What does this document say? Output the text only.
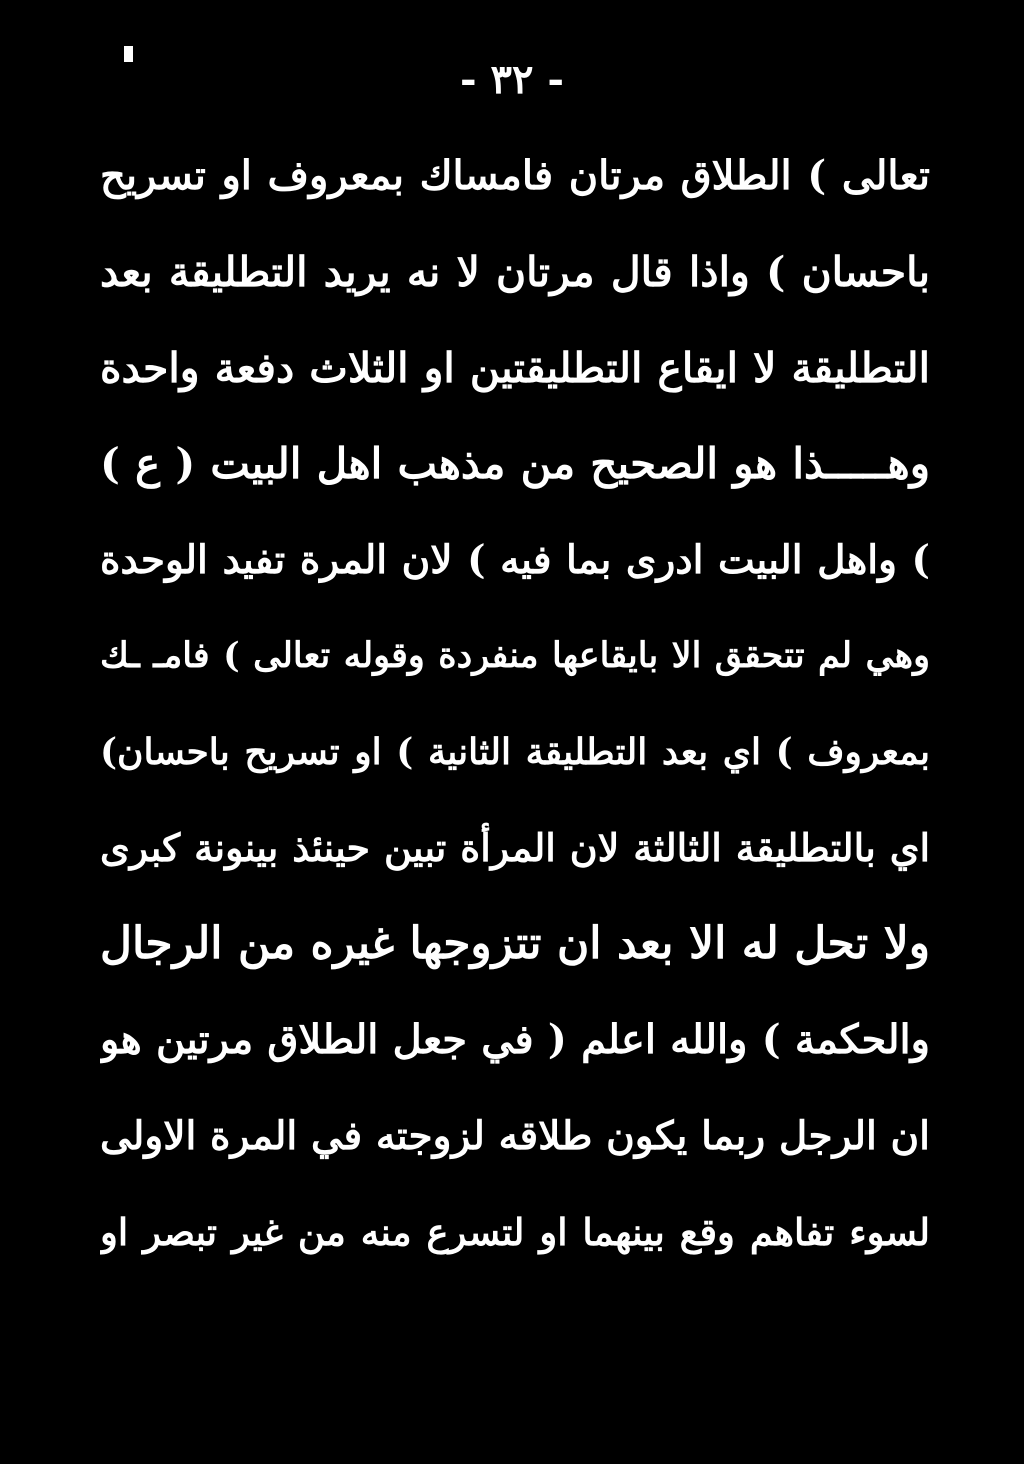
- ٣٢ -
تعالى ) الطلاق مرتان فامساك بمعروف او تسريح
باحسان ) واذا قال مرتان لا نه يريد التطليقة بعد
التطليقة لا ايقاع التطليقتين او الثلاث دفعة واحدة
وهـــــذا هو الصحيح من مذهب اهل البيت ( ع )
) واهل البيت ادرى بما فيه ) لان المرة تفيد الوحدة
وهي لم تتحقق الا بايقاعها منفردة وقوله تعالى ) فامـ ـك
بمعروف ) اي بعد التطليقة الثانية ) او تسريح باحسان)
اي بالتطليقة الثالثة لان المرأة تبين حينئذ بينونة كبرى
ولا تحل له الا بعد ان تتزوجها غيره من الرجال
والحكمة ) والله اعلم ( في جعل الطلاق مرتين هو
ان الرجل ربما يكون طلاقه لزوجته في المرة الاولى
لسوء تفاهم وقع بينهما او لتسرع منه من غير تبصر او
